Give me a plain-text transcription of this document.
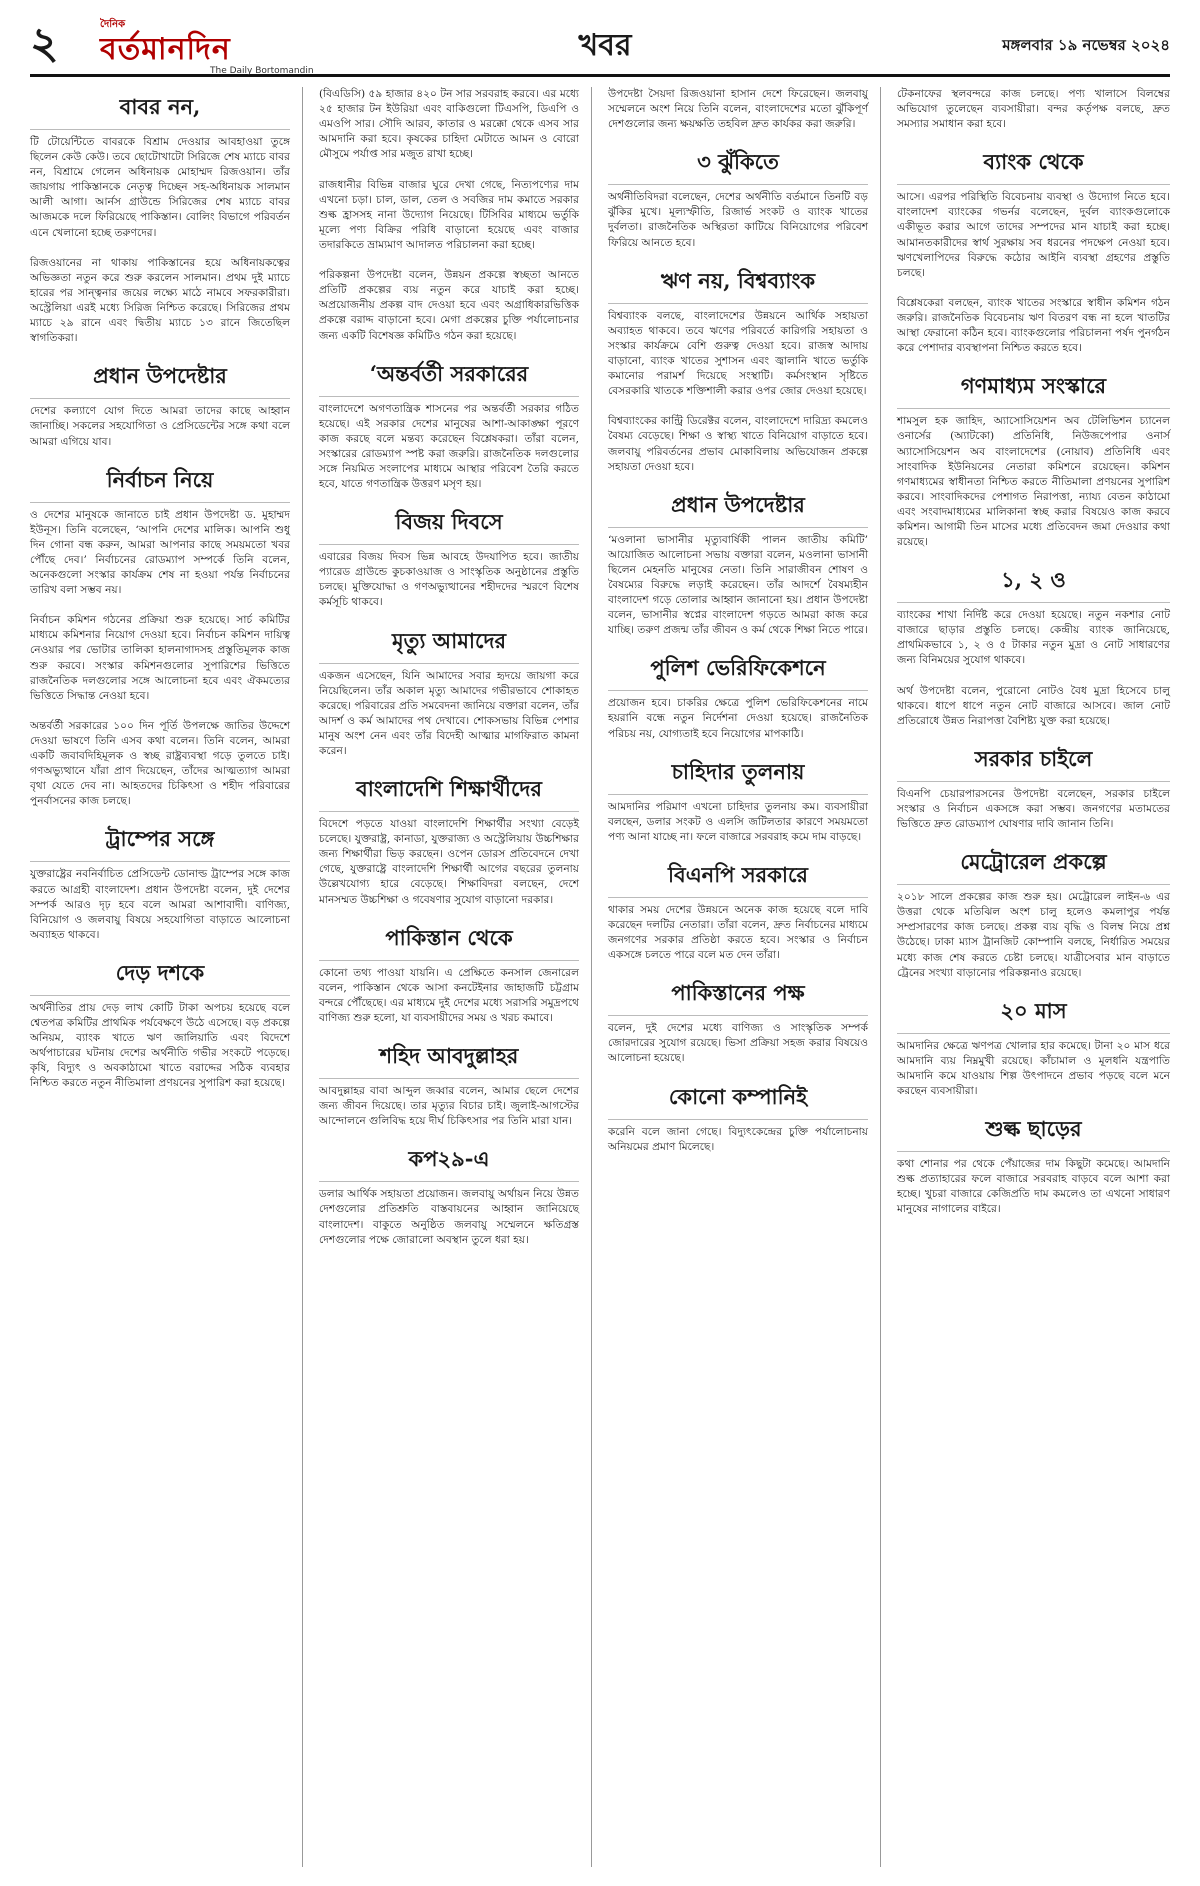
২	দৈনিক
বর্তমানদিন
The Daily Bortomandin
খবর	মঙ্গলবার ১৯ নভেম্বর ২০২৪
বাবর নন,

টি টোয়েন্টিতে বাবরকে বিশ্রাম দেওয়ার আবহাওয়া তুঙ্গে ছিলেন কেউ কেউ। তবে ছোটোখাটো সিরিজে শেষ ম্যাচে বাবর নন, বিশ্রামে গেলেন অধিনায়ক মোহাম্মদ রিজওয়ান। তাঁর জায়গায় পাকিস্তানকে নেতৃত্ব দিচ্ছেন সহ-অধিনায়ক সালমান আলী আগা। আর্নস গ্রাউন্ডে সিরিজের শেষ ম্যাচে বাবর আজমকে দলে ফিরিয়েছে পাকিস্তান। বোলিং বিভাগে পরিবর্তন এনে খেলানো হচ্ছে তরুণদের।

রিজওয়ানের না থাকায় পাকিস্তানের হয়ে অধিনায়কত্বের অভিজ্ঞতা নতুন করে শুরু করলেন সালমান। প্রথম দুই ম্যাচে হারের পর সান্ত্বনার জয়ের লক্ষ্যে মাঠে নামবে সফরকারীরা। অস্ট্রেলিয়া এরই মধ্যে সিরিজ নিশ্চিত করেছে। সিরিজের প্রথম ম্যাচে ২৯ রানে এবং দ্বিতীয় ম্যাচে ১৩ রানে জিতেছিল স্বাগতিকরা।

প্রধান উপদেষ্টার

দেশের কল্যাণে যোগ দিতে আমরা তাদের কাছে আহ্বান জানাচ্ছি। সকলের সহযোগিতা ও প্রেসিডেন্টের সঙ্গে কথা বলে আমরা এগিয়ে যাব।

নির্বাচন নিয়ে

ও দেশের মানুষকে জানাতে চাই প্রধান উপদেষ্টা ড. মুহাম্মদ ইউনূস। তিনি বলেছেন, ‘আপনি দেশের মালিক। আপনি শুধু দিন গোনা বন্ধ করুন, আমরা আপনার কাছে সময়মতো খবর পৌঁছে দেব।’ নির্বাচনের রোডম্যাপ সম্পর্কে তিনি বলেন, অনেকগুলো সংস্কার কার্যক্রম শেষ না হওয়া পর্যন্ত নির্বাচনের তারিখ বলা সম্ভব নয়।

নির্বাচন কমিশন গঠনের প্রক্রিয়া শুরু হয়েছে। সার্চ কমিটির মাধ্যমে কমিশনার নিয়োগ দেওয়া হবে। নির্বাচন কমিশন দায়িত্ব নেওয়ার পর ভোটার তালিকা হালনাগাদসহ প্রস্তুতিমূলক কাজ শুরু করবে। সংস্কার কমিশনগুলোর সুপারিশের ভিত্তিতে রাজনৈতিক দলগুলোর সঙ্গে আলোচনা হবে এবং ঐকমত্যের ভিত্তিতে সিদ্ধান্ত নেওয়া হবে।

অন্তর্বর্তী সরকারের ১০০ দিন পূর্তি উপলক্ষে জাতির উদ্দেশে দেওয়া ভাষণে তিনি এসব কথা বলেন। তিনি বলেন, আমরা একটি জবাবদিহিমূলক ও স্বচ্ছ রাষ্ট্রব্যবস্থা গড়ে তুলতে চাই। গণঅভ্যুত্থানে যাঁরা প্রাণ দিয়েছেন, তাঁদের আত্মত্যাগ আমরা বৃথা যেতে দেব না। আহতদের চিকিৎসা ও শহীদ পরিবারের পুনর্বাসনের কাজ চলছে।

ট্রাম্পের সঙ্গে

যুক্তরাষ্ট্রের নবনির্বাচিত প্রেসিডেন্ট ডোনাল্ড ট্রাম্পের সঙ্গে কাজ করতে আগ্রহী বাংলাদেশ। প্রধান উপদেষ্টা বলেন, দুই দেশের সম্পর্ক আরও দৃঢ় হবে বলে আমরা আশাবাদী। বাণিজ্য, বিনিয়োগ ও জলবায়ু বিষয়ে সহযোগিতা বাড়াতে আলোচনা অব্যাহত থাকবে।

দেড় দশকে

অর্থনীতির প্রায় দেড় লাখ কোটি টাকা অপচয় হয়েছে বলে শ্বেতপত্র কমিটির প্রাথমিক পর্যবেক্ষণে উঠে এসেছে। বড় প্রকল্পে অনিয়ম, ব্যাংক খাতে ঋণ জালিয়াতি এবং বিদেশে অর্থপাচারের ঘটনায় দেশের অর্থনীতি গভীর সংকটে পড়েছে। কৃষি, বিদ্যুৎ ও অবকাঠামো খাতে বরাদ্দের সঠিক ব্যবহার নিশ্চিত করতে নতুন নীতিমালা প্রণয়নের সুপারিশ করা হয়েছে।

(বিএডিসি) ৫৯ হাজার ৪২০ টন সার সরবরাহ করবে। এর মধ্যে ২৫ হাজার টন ইউরিয়া এবং বাকিগুলো টিএসপি, ডিএপি ও এমওপি সার। সৌদি আরব, কাতার ও মরক্কো থেকে এসব সার আমদানি করা হবে। কৃষকের চাহিদা মেটাতে আমন ও বোরো মৌসুমে পর্যাপ্ত সার মজুত রাখা হচ্ছে।

রাজধানীর বিভিন্ন বাজার ঘুরে দেখা গেছে, নিত্যপণ্যের দাম এখনো চড়া। চাল, ডাল, তেল ও সবজির দাম কমাতে সরকার শুল্ক হ্রাসসহ নানা উদ্যোগ নিয়েছে। টিসিবির মাধ্যমে ভর্তুকি মূল্যে পণ্য বিক্রির পরিধি বাড়ানো হয়েছে এবং বাজার তদারকিতে ভ্রাম্যমাণ আদালত পরিচালনা করা হচ্ছে।

পরিকল্পনা উপদেষ্টা বলেন, উন্নয়ন প্রকল্পে স্বচ্ছতা আনতে প্রতিটি প্রকল্পের ব্যয় নতুন করে যাচাই করা হচ্ছে। অপ্রয়োজনীয় প্রকল্প বাদ দেওয়া হবে এবং অগ্রাধিকারভিত্তিক প্রকল্পে বরাদ্দ বাড়ানো হবে। মেগা প্রকল্পের চুক্তি পর্যালোচনার জন্য একটি বিশেষজ্ঞ কমিটিও গঠন করা হয়েছে।

‘অন্তর্বর্তী সরকারের

বাংলাদেশে অগণতান্ত্রিক শাসনের পর অন্তর্বর্তী সরকার গঠিত হয়েছে। এই সরকার দেশের মানুষের আশা-আকাঙ্ক্ষা পূরণে কাজ করছে বলে মন্তব্য করেছেন বিশ্লেষকরা। তাঁরা বলেন, সংস্কারের রোডম্যাপ স্পষ্ট করা জরুরি। রাজনৈতিক দলগুলোর সঙ্গে নিয়মিত সংলাপের মাধ্যমে আস্থার পরিবেশ তৈরি করতে হবে, যাতে গণতান্ত্রিক উত্তরণ মসৃণ হয়।

বিজয় দিবসে

এবারের বিজয় দিবস ভিন্ন আবহে উদযাপিত হবে। জাতীয় প্যারেড গ্রাউন্ডে কুচকাওয়াজ ও সাংস্কৃতিক অনুষ্ঠানের প্রস্তুতি চলছে। মুক্তিযোদ্ধা ও গণঅভ্যুত্থানের শহীদদের স্মরণে বিশেষ কর্মসূচি থাকবে।

মৃত্যু আমাদের

একজন এসেছেন, যিনি আমাদের সবার হৃদয়ে জায়গা করে নিয়েছিলেন। তাঁর অকাল মৃত্যু আমাদের গভীরভাবে শোকাহত করেছে। পরিবারের প্রতি সমবেদনা জানিয়ে বক্তারা বলেন, তাঁর আদর্শ ও কর্ম আমাদের পথ দেখাবে। শোকসভায় বিভিন্ন পেশার মানুষ অংশ নেন এবং তাঁর বিদেহী আত্মার মাগফিরাত কামনা করেন।

বাংলাদেশি শিক্ষার্থীদের

বিদেশে পড়তে যাওয়া বাংলাদেশি শিক্ষার্থীর সংখ্যা বেড়েই চলেছে। যুক্তরাষ্ট্র, কানাডা, যুক্তরাজ্য ও অস্ট্রেলিয়ায় উচ্চশিক্ষার জন্য শিক্ষার্থীরা ভিড় করছেন। ওপেন ডোরস প্রতিবেদনে দেখা গেছে, যুক্তরাষ্ট্রে বাংলাদেশি শিক্ষার্থী আগের বছরের তুলনায় উল্লেখযোগ্য হারে বেড়েছে। শিক্ষাবিদরা বলছেন, দেশে মানসম্মত উচ্চশিক্ষা ও গবেষণার সুযোগ বাড়ানো দরকার।

পাকিস্তান থেকে

কোনো তথ্য পাওয়া যায়নি। এ প্রেক্ষিতে কনসাল জেনারেল বলেন, পাকিস্তান থেকে আসা কনটেইনার জাহাজটি চট্টগ্রাম বন্দরে পৌঁছেছে। এর মাধ্যমে দুই দেশের মধ্যে সরাসরি সমুদ্রপথে বাণিজ্য শুরু হলো, যা ব্যবসায়ীদের সময় ও খরচ কমাবে।

শহিদ আবদুল্লাহর

আবদুল্লাহর বাবা আব্দুল জব্বার বলেন, আমার ছেলে দেশের জন্য জীবন দিয়েছে। তার মৃত্যুর বিচার চাই। জুলাই-আগস্টের আন্দোলনে গুলিবিদ্ধ হয়ে দীর্ঘ চিকিৎসার পর তিনি মারা যান।

কপ২৯-এ

ডলার আর্থিক সহায়তা প্রয়োজন। জলবায়ু অর্থায়ন নিয়ে উন্নত দেশগুলোর প্রতিশ্রুতি বাস্তবায়নের আহ্বান জানিয়েছে বাংলাদেশ। বাকুতে অনুষ্ঠিত জলবায়ু সম্মেলনে ক্ষতিগ্রস্ত দেশগুলোর পক্ষে জোরালো অবস্থান তুলে ধরা হয়।

উপদেষ্টা সৈয়দা রিজওয়ানা হাসান দেশে ফিরেছেন। জলবায়ু সম্মেলনে অংশ নিয়ে তিনি বলেন, বাংলাদেশের মতো ঝুঁকিপূর্ণ দেশগুলোর জন্য ক্ষয়ক্ষতি তহবিল দ্রুত কার্যকর করা জরুরি।

৩ ঝুঁকিতে

অর্থনীতিবিদরা বলেছেন, দেশের অর্থনীতি বর্তমানে তিনটি বড় ঝুঁকির মুখে। মূল্যস্ফীতি, রিজার্ভ সংকট ও ব্যাংক খাতের দুর্বলতা। রাজনৈতিক অস্থিরতা কাটিয়ে বিনিয়োগের পরিবেশ ফিরিয়ে আনতে হবে।

ঋণ নয়, বিশ্বব্যাংক

বিশ্বব্যাংক বলছে, বাংলাদেশের উন্নয়নে আর্থিক সহায়তা অব্যাহত থাকবে। তবে ঋণের পরিবর্তে কারিগরি সহায়তা ও সংস্কার কার্যক্রমে বেশি গুরুত্ব দেওয়া হবে। রাজস্ব আদায় বাড়ানো, ব্যাংক খাতের সুশাসন এবং জ্বালানি খাতে ভর্তুকি কমানোর পরামর্শ দিয়েছে সংস্থাটি। কর্মসংস্থান সৃষ্টিতে বেসরকারি খাতকে শক্তিশালী করার ওপর জোর দেওয়া হয়েছে।

বিশ্বব্যাংকের কান্ট্রি ডিরেক্টর বলেন, বাংলাদেশে দারিদ্র্য কমলেও বৈষম্য বেড়েছে। শিক্ষা ও স্বাস্থ্য খাতে বিনিয়োগ বাড়াতে হবে। জলবায়ু পরিবর্তনের প্রভাব মোকাবিলায় অভিযোজন প্রকল্পে সহায়তা দেওয়া হবে।

প্রধান উপদেষ্টার

‘মওলানা ভাসানীর মৃত্যুবার্ষিকী পালন জাতীয় কমিটি’ আয়োজিত আলোচনা সভায় বক্তারা বলেন, মওলানা ভাসানী ছিলেন মেহনতি মানুষের নেতা। তিনি সারাজীবন শোষণ ও বৈষম্যের বিরুদ্ধে লড়াই করেছেন। তাঁর আদর্শে বৈষম্যহীন বাংলাদেশ গড়ে তোলার আহ্বান জানানো হয়। প্রধান উপদেষ্টা বলেন, ভাসানীর স্বপ্নের বাংলাদেশ গড়তে আমরা কাজ করে যাচ্ছি। তরুণ প্রজন্ম তাঁর জীবন ও কর্ম থেকে শিক্ষা নিতে পারে।

পুলিশ ভেরিফিকেশনে

প্রয়োজন হবে। চাকরির ক্ষেত্রে পুলিশ ভেরিফিকেশনের নামে হয়রানি বন্ধে নতুন নির্দেশনা দেওয়া হয়েছে। রাজনৈতিক পরিচয় নয়, যোগ্যতাই হবে নিয়োগের মাপকাঠি।

চাহিদার তুলনায়

আমদানির পরিমাণ এখনো চাহিদার তুলনায় কম। ব্যবসায়ীরা বলছেন, ডলার সংকট ও এলসি জটিলতার কারণে সময়মতো পণ্য আনা যাচ্ছে না। ফলে বাজারে সরবরাহ কমে দাম বাড়ছে।

বিএনপি সরকারে

থাকার সময় দেশের উন্নয়নে অনেক কাজ হয়েছে বলে দাবি করেছেন দলটির নেতারা। তাঁরা বলেন, দ্রুত নির্বাচনের মাধ্যমে জনগণের সরকার প্রতিষ্ঠা করতে হবে। সংস্কার ও নির্বাচন একসঙ্গে চলতে পারে বলে মত দেন তাঁরা।

পাকিস্তানের পক্ষ

বলেন, দুই দেশের মধ্যে বাণিজ্য ও সাংস্কৃতিক সম্পর্ক জোরদারের সুযোগ রয়েছে। ভিসা প্রক্রিয়া সহজ করার বিষয়েও আলোচনা হয়েছে।

কোনো কম্পানিই

করেনি বলে জানা গেছে। বিদ্যুৎকেন্দ্রের চুক্তি পর্যালোচনায় অনিয়মের প্রমাণ মিলেছে।

টেকনাফের স্থলবন্দরে কাজ চলছে। পণ্য খালাসে বিলম্বের অভিযোগ তুলেছেন ব্যবসায়ীরা। বন্দর কর্তৃপক্ষ বলছে, দ্রুত সমস্যার সমাধান করা হবে।

ব্যাংক থেকে

আসে। এরপর পরিস্থিতি বিবেচনায় ব্যবস্থা ও উদ্যোগ নিতে হবে। বাংলাদেশ ব্যাংকের গভর্নর বলেছেন, দুর্বল ব্যাংকগুলোকে একীভূত করার আগে তাদের সম্পদের মান যাচাই করা হচ্ছে। আমানতকারীদের স্বার্থ সুরক্ষায় সব ধরনের পদক্ষেপ নেওয়া হবে। ঋণখেলাপিদের বিরুদ্ধে কঠোর আইনি ব্যবস্থা গ্রহণের প্রস্তুতি চলছে।

বিশ্লেষকেরা বলছেন, ব্যাংক খাতের সংস্কারে স্বাধীন কমিশন গঠন জরুরি। রাজনৈতিক বিবেচনায় ঋণ বিতরণ বন্ধ না হলে খাতটির আস্থা ফেরানো কঠিন হবে। ব্যাংকগুলোর পরিচালনা পর্ষদ পুনর্গঠন করে পেশাদার ব্যবস্থাপনা নিশ্চিত করতে হবে।

গণমাধ্যম সংস্কারে

শামসুল হক জাহিদ, অ্যাসোসিয়েশন অব টেলিভিশন চ্যানেল ওনার্সের (অ্যাটকো) প্রতিনিধি, নিউজপেপার ওনার্স অ্যাসোসিয়েশন অব বাংলাদেশের (নোয়াব) প্রতিনিধি এবং সাংবাদিক ইউনিয়নের নেতারা কমিশনে রয়েছেন। কমিশন গণমাধ্যমের স্বাধীনতা নিশ্চিত করতে নীতিমালা প্রণয়নের সুপারিশ করবে। সাংবাদিকদের পেশাগত নিরাপত্তা, ন্যায্য বেতন কাঠামো এবং সংবাদমাধ্যমের মালিকানা স্বচ্ছ করার বিষয়েও কাজ করবে কমিশন। আগামী তিন মাসের মধ্যে প্রতিবেদন জমা দেওয়ার কথা রয়েছে।

১, ২ ও

ব্যাংকের শাখা নির্দিষ্ট করে দেওয়া হয়েছে। নতুন নকশার নোট বাজারে ছাড়ার প্রস্তুতি চলছে। কেন্দ্রীয় ব্যাংক জানিয়েছে, প্রাথমিকভাবে ১, ২ ও ৫ টাকার নতুন মুদ্রা ও নোট সাধারণের জন্য বিনিময়ের সুযোগ থাকবে।

অর্থ উপদেষ্টা বলেন, পুরোনো নোটও বৈধ মুদ্রা হিসেবে চালু থাকবে। ধাপে ধাপে নতুন নোট বাজারে আসবে। জাল নোট প্রতিরোধে উন্নত নিরাপত্তা বৈশিষ্ট্য যুক্ত করা হয়েছে।

সরকার চাইলে

বিএনপি চেয়ারপারসনের উপদেষ্টা বলেছেন, সরকার চাইলে সংস্কার ও নির্বাচন একসঙ্গে করা সম্ভব। জনগণের মতামতের ভিত্তিতে দ্রুত রোডম্যাপ ঘোষণার দাবি জানান তিনি।

মেট্রোরেল প্রকল্পে

২০১৮ সালে প্রকল্পের কাজ শুরু হয়। মেট্রোরেল লাইন-৬ এর উত্তরা থেকে মতিঝিল অংশ চালু হলেও কমলাপুর পর্যন্ত সম্প্রসারণের কাজ চলছে। প্রকল্প ব্যয় বৃদ্ধি ও বিলম্ব নিয়ে প্রশ্ন উঠেছে। ঢাকা ম্যাস ট্রানজিট কোম্পানি বলছে, নির্ধারিত সময়ের মধ্যে কাজ শেষ করতে চেষ্টা চলছে। যাত্রীসেবার মান বাড়াতে ট্রেনের সংখ্যা বাড়ানোর পরিকল্পনাও রয়েছে।

২০ মাস

আমদানির ক্ষেত্রে ঋণপত্র খোলার হার কমেছে। টানা ২০ মাস ধরে আমদানি ব্যয় নিম্নমুখী রয়েছে। কাঁচামাল ও মূলধনি যন্ত্রপাতি আমদানি কমে যাওয়ায় শিল্প উৎপাদনে প্রভাব পড়ছে বলে মনে করছেন ব্যবসায়ীরা।

শুল্ক ছাড়ের

কথা শোনার পর থেকে পেঁয়াজের দাম কিছুটা কমেছে। আমদানি শুল্ক প্রত্যাহারের ফলে বাজারে সরবরাহ বাড়বে বলে আশা করা হচ্ছে। খুচরা বাজারে কেজিপ্রতি দাম কমলেও তা এখনো সাধারণ মানুষের নাগালের বাইরে।
